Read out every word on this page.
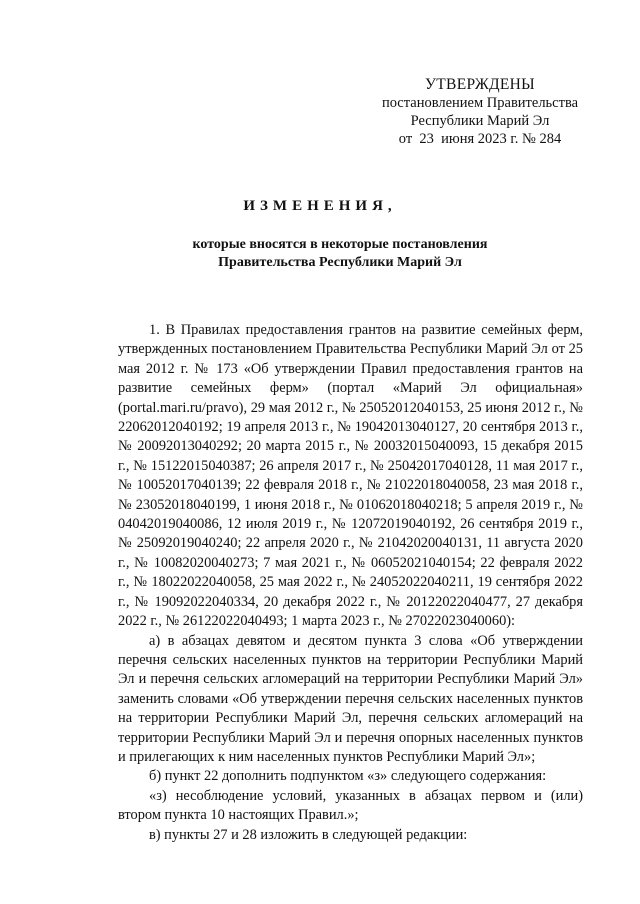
УТВЕРЖДЕНЫ
постановлением Правительства
Республики Марий Эл
от  23  июня 2023 г. № 284
ИЗМЕНЕНИЯ,
которые вносятся в некоторые постановления
Правительства Республики Марий Эл

1. В Правилах предоставления грантов на развитие семейных ферм, утвержденных постановлением Правительства Республики Марий Эл от 25 мая 2012 г. № 173 «Об утверждении Правил предоставления грантов на развитие семейных ферм» (портал «Марий Эл официальная» (portal.mari.ru/pravo), 29 мая 2012 г., № 25052012040153, 25 июня 2012 г., № 22062012040192; 19 апреля 2013 г., № 19042013040127, 20 сентября 2013 г., № 20092013040292; 20 марта 2015 г., № 20032015040093, 15 декабря 2015 г., № 15122015040387; 26 апреля 2017 г., № 25042017040128, 11 мая 2017 г., № 10052017040139; 22 февраля 2018 г., № 21022018040058, 23 мая 2018 г., № 23052018040199, 1 июня 2018 г., № 01062018040218; 5 апреля 2019 г., № 04042019040086, 12 июля 2019 г., № 12072019040192, 26 сентября 2019 г., № 25092019040240; 22 апреля 2020 г., № 21042020040131, 11 августа 2020 г., № 10082020040273; 7 мая 2021 г., № 06052021040154; 22 февраля 2022 г., № 18022022040058, 25 мая 2022 г., № 24052022040211, 19 сентября 2022 г., № 19092022040334, 20 декабря 2022 г., № 20122022040477, 27 декабря 2022 г., № 26122022040493; 1 марта 2023 г., № 27022023040060):

а) в абзацах девятом и десятом пункта 3 слова «Об утверждении перечня сельских населенных пунктов на территории Республики Марий Эл и перечня сельских агломераций на территории Республики Марий Эл» заменить словами «Об утверждении перечня сельских населенных пунктов на территории Республики Марий Эл, перечня сельских агломераций на территории Республики Марий Эл и перечня опорных населенных пунктов и прилегающих к ним населенных пунктов Республики Марий Эл»;

б) пункт 22 дополнить подпунктом «з» следующего содержания:

«з) несоблюдение условий, указанных в абзацах первом и (или) втором пункта 10 настоящих Правил.»;

в) пункты 27 и 28 изложить в следующей редакции:
